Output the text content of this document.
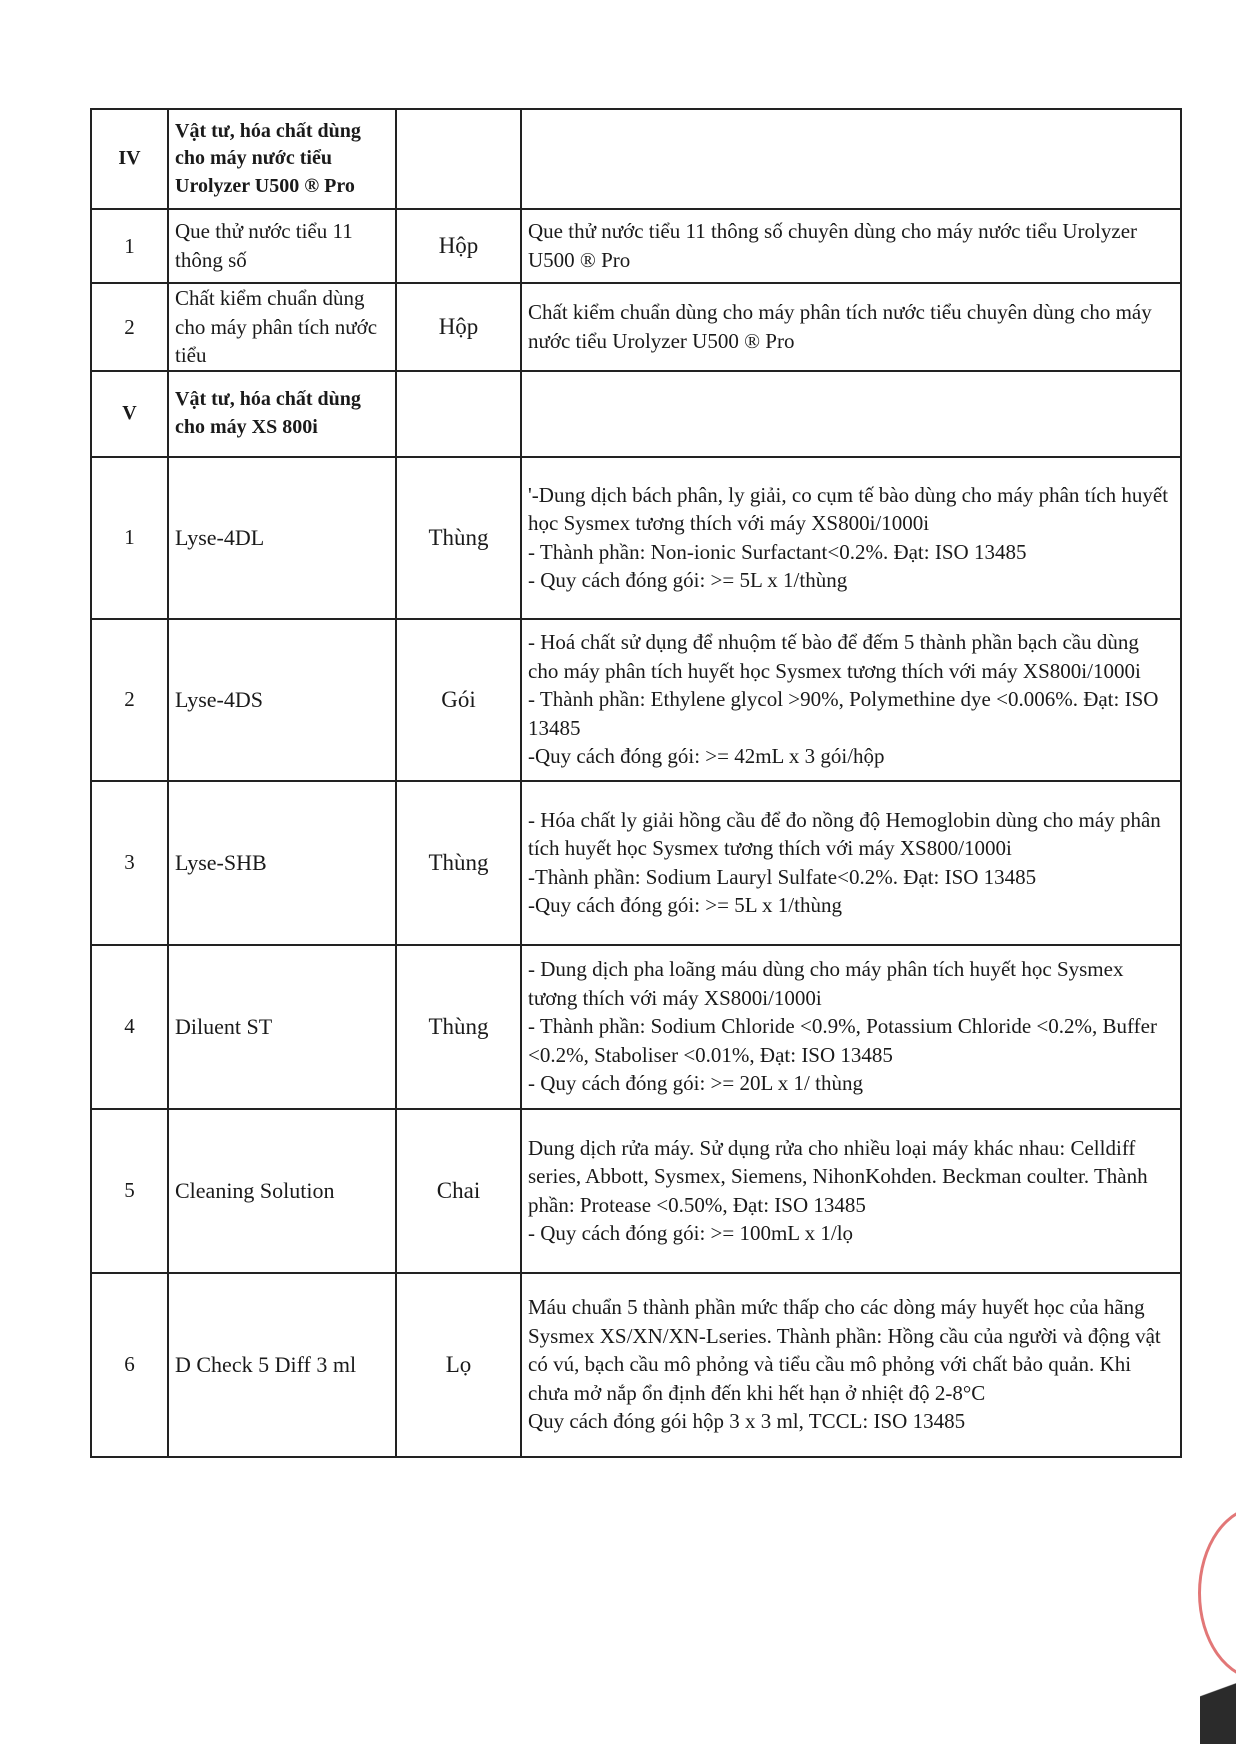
IV	Vật tư, hóa chất dùng cho máy nước tiểu Urolyzer U500 ® Pro		
1	Que thử nước tiểu 11 thông số	Hộp	Que thử nước tiểu 11 thông số chuyên dùng cho máy nước tiểu Urolyzer U500 ® Pro

2	Chất kiểm chuẩn dùng cho máy phân tích nước tiểu	Hộp	Chất kiểm chuẩn dùng cho máy phân tích nước tiểu chuyên dùng cho máy nước tiểu Urolyzer U500 ® Pro

V	Vật tư, hóa chất dùng cho máy XS 800i		
1	Lyse-4DL	Thùng	'-Dung dịch bách phân, ly giải, co cụm tế bào dùng cho máy phân tích huyết học Sysmex tương thích với máy XS800i/1000i
- Thành phần: Non-ionic Surfactant<0.2%. Đạt: ISO 13485
- Quy cách đóng gói: >= 5L x 1/thùng

2	Lyse-4DS	Gói	- Hoá chất sử dụng để nhuộm tế bào để đếm 5 thành phần bạch cầu dùng cho máy phân tích huyết học Sysmex tương thích với máy XS800i/1000i
- Thành phần: Ethylene glycol >90%, Polymethine dye <0.006%. Đạt: ISO 13485
-Quy cách đóng gói: >= 42mL x 3 gói/hộp

3	Lyse-SHB	Thùng	- Hóa chất ly giải hồng cầu để đo nồng độ Hemoglobin dùng cho máy phân tích huyết học Sysmex tương thích với máy XS800/1000i
-Thành phần: Sodium Lauryl Sulfate<0.2%. Đạt: ISO 13485
-Quy cách đóng gói: >= 5L x 1/thùng

4	Diluent ST	Thùng	- Dung dịch pha loãng máu dùng cho máy phân tích huyết học Sysmex tương thích với máy XS800i/1000i
- Thành phần: Sodium Chloride <0.9%, Potassium Chloride <0.2%, Buffer <0.2%, Staboliser <0.01%, Đạt: ISO 13485
- Quy cách đóng gói: >= 20L x 1/ thùng

5	Cleaning Solution	Chai	Dung dịch rửa máy. Sử dụng rửa cho nhiều loại máy khác nhau: Celldiff series, Abbott, Sysmex, Siemens, NihonKohden. Beckman coulter. Thành phần: Protease <0.50%, Đạt: ISO 13485
- Quy cách đóng gói: >= 100mL x 1/lọ

6	D Check 5 Diff 3 ml	Lọ	Máu chuẩn 5 thành phần mức thấp cho các dòng máy huyết học của hãng Sysmex XS/XN/XN-Lseries. Thành phần: Hồng cầu của người và động vật có vú, bạch cầu mô phỏng và tiểu cầu mô phỏng với chất bảo quản. Khi chưa mở nắp ổn định đến khi hết hạn ở nhiệt độ 2-8°C
Quy cách đóng gói hộp 3 x 3 ml, TCCL: ISO 13485
